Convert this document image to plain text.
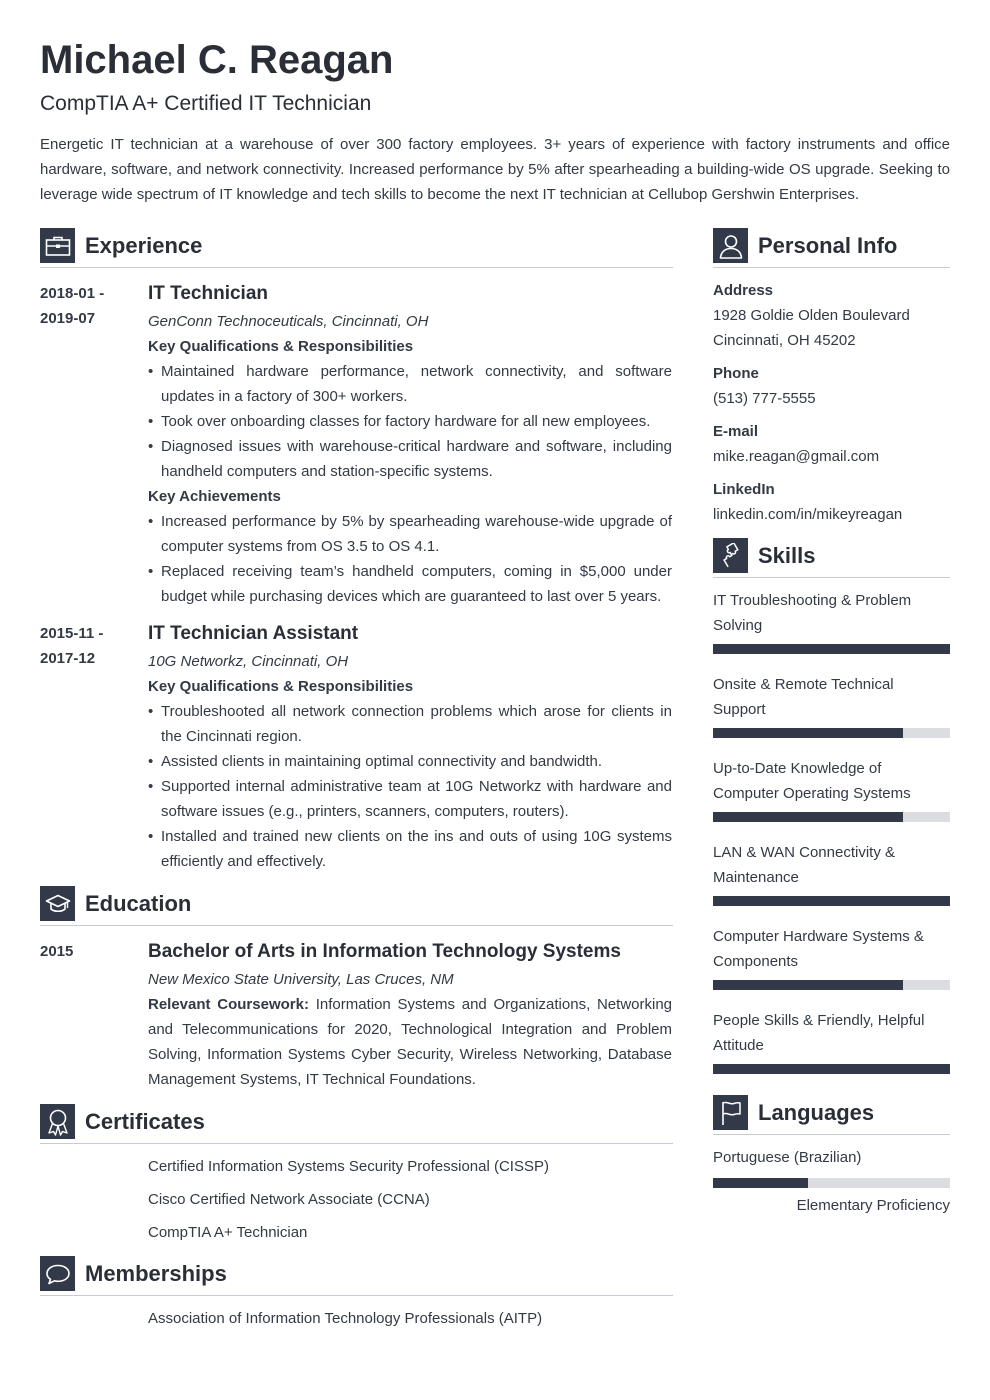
Michael C. Reagan
CompTIA A+ Certified IT Technician
Energetic IT technician at a warehouse of over 300 factory employees. 3+ years of experience with factory instruments and office hardware, software, and network connectivity. Increased performance by 5% after spearheading a building-wide OS upgrade. Seeking to leverage wide spectrum of IT knowledge and tech skills to become the next IT technician at Cellubop Gershwin Enterprises.
Experience
2018-01 -
2019-07
IT Technician
GenConn Technoceuticals, Cincinnati, OH
Key Qualifications & Responsibilities
• Maintained hardware performance, network connectivity, and software updates in a factory of 300+ workers.
• Took over onboarding classes for factory hardware for all new employees.
• Diagnosed issues with warehouse-critical hardware and software, including handheld computers and station-specific systems.
Key Achievements
• Increased performance by 5% by spearheading warehouse-wide upgrade of computer systems from OS 3.5 to OS 4.1.
• Replaced receiving team’s handheld computers, coming in $5,000 under budget while purchasing devices which are guaranteed to last over 5 years.
2015-11 -
2017-12
IT Technician Assistant
10G Networkz, Cincinnati, OH
Key Qualifications & Responsibilities
• Troubleshooted all network connection problems which arose for clients in the Cincinnati region.
• Assisted clients in maintaining optimal connectivity and bandwidth.
• Supported internal administrative team at 10G Networkz with hardware and software issues (e.g., printers, scanners, computers, routers).
• Installed and trained new clients on the ins and outs of using 10G systems efficiently and effectively.
Education
2015	Bachelor of Arts in Information Technology Systems
New Mexico State University, Las Cruces, NM
Relevant Coursework: Information Systems and Organizations, Networking and Telecommunications for 2020, Technological Integration and Problem Solving, Information Systems Cyber Security, Wireless Networking, Database Management Systems, IT Technical Foundations.
Certificates
Certified Information Systems Security Professional (CISSP)
Cisco Certified Network Associate (CCNA)
CompTIA A+ Technician
Memberships
Association of Information Technology Professionals (AITP)
Personal Info
Address
1928 Goldie Olden Boulevard
Cincinnati, OH 45202
Phone
(513) 777-5555
E-mail
mike.reagan@gmail.com
LinkedIn
linkedin.com/in/mikeyreagan
Skills
IT Troubleshooting & Problem Solving
Onsite & Remote Technical Support
Up-to-Date Knowledge of Computer Operating Systems
LAN & WAN Connectivity & Maintenance
Computer Hardware Systems & Components
People Skills & Friendly, Helpful Attitude
Languages
Portuguese (Brazilian)
Elementary Proficiency
